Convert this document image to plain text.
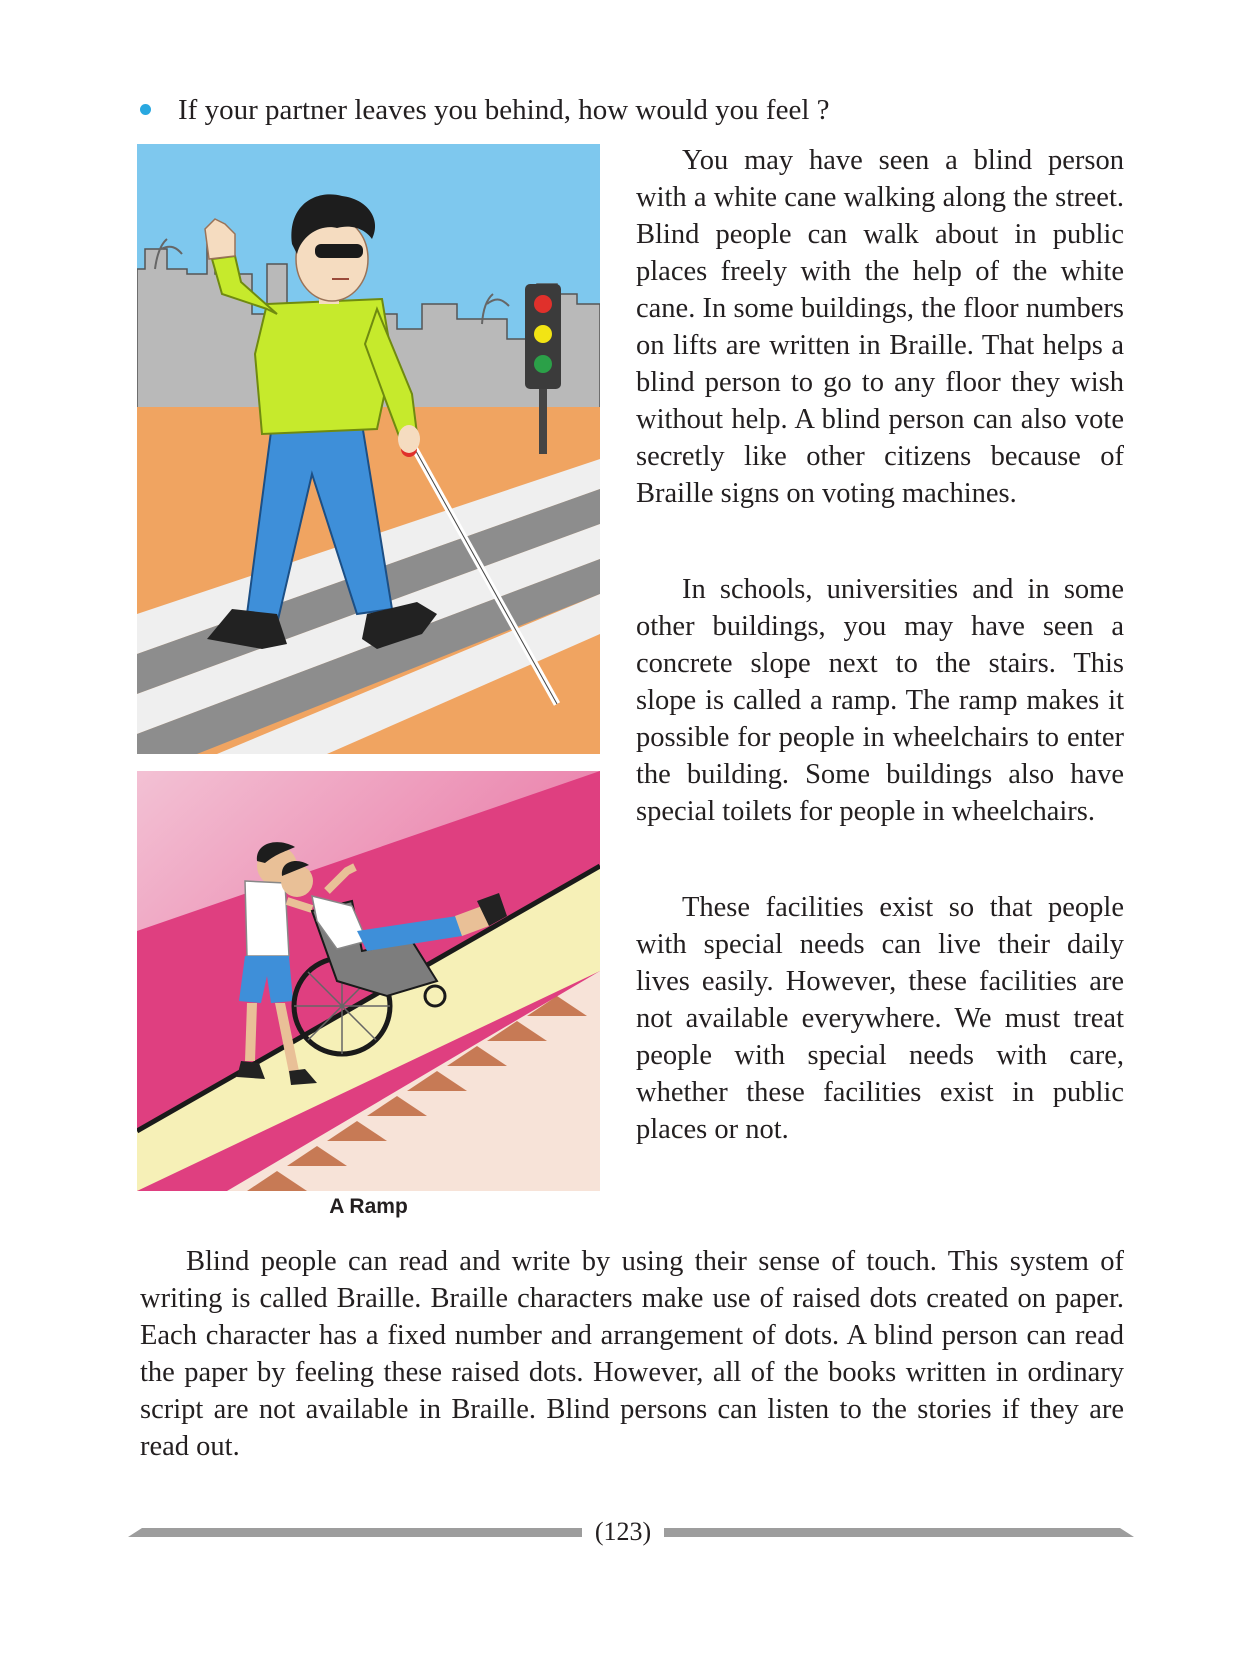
If your partner leaves you behind, how would you feel ?
A Ramp

You may have seen a blind person with a white cane walking along the street. Blind people can walk about in public places freely with the help of the white cane. In some buildings, the floor numbers on lifts are written in Braille. That helps a blind person to go to any floor they wish without help. A blind person can also vote secretly like other citizens because of Braille signs on voting machines.

In schools, universities and in some other buildings, you may have seen a concrete slope next to the stairs. This slope is called a ramp. The ramp makes it possible for people in wheelchairs to enter the building. Some buildings also have special toilets for people in wheelchairs.

These facilities exist so that people with special needs can live their daily lives easily. However, these facilities are not available everywhere. We must treat people with special needs with care, whether these facilities exist in public places or not.

Blind people can read and write by using their sense of touch. This system of writing is called Braille. Braille characters make use of raised dots created on paper. Each character has a fixed number and arrangement of dots. A blind person can read the paper by feeling these raised dots. However, all of the books written in ordinary script are not available in Braille. Blind persons can listen to the stories if they are read out.

(123)
